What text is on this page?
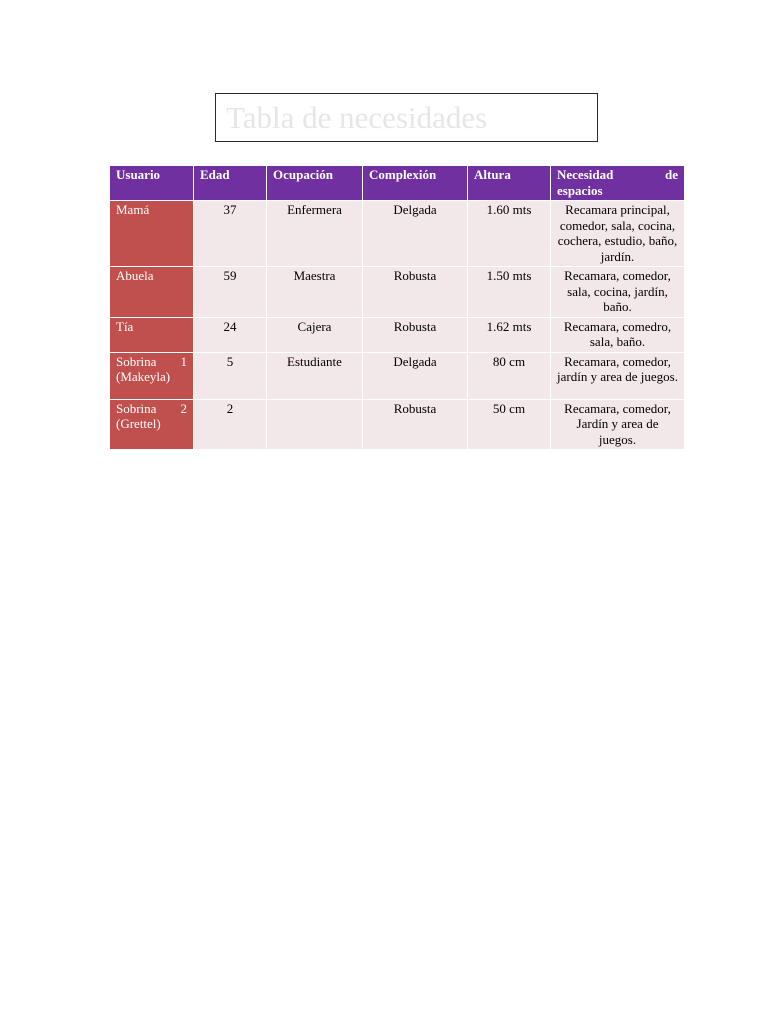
Tabla de necesidades
Usuario	Edad	Ocupación	Complexión	Altura	Necesidad de
espacios
Mamá	37	Enfermera	Delgada	1.60 mts	Recamara principal, comedor, sala, cocina, cochera, estudio, baño, jardín.
Abuela	59	Maestra	Robusta	1.50 mts	Recamara, comedor, sala, cocina, jardín, baño.
Tía	24	Cajera	Robusta	1.62 mts	Recamara, comedro, sala, baño.

Sobrina 1
(Makeyla)	5	Estudiante	Delgada	80 cm	Recamara, comedor, jardín y area de juegos.

Sobrina 2
(Grettel)	2		Robusta	50 cm	Recamara, comedor, Jardín y area de juegos.
